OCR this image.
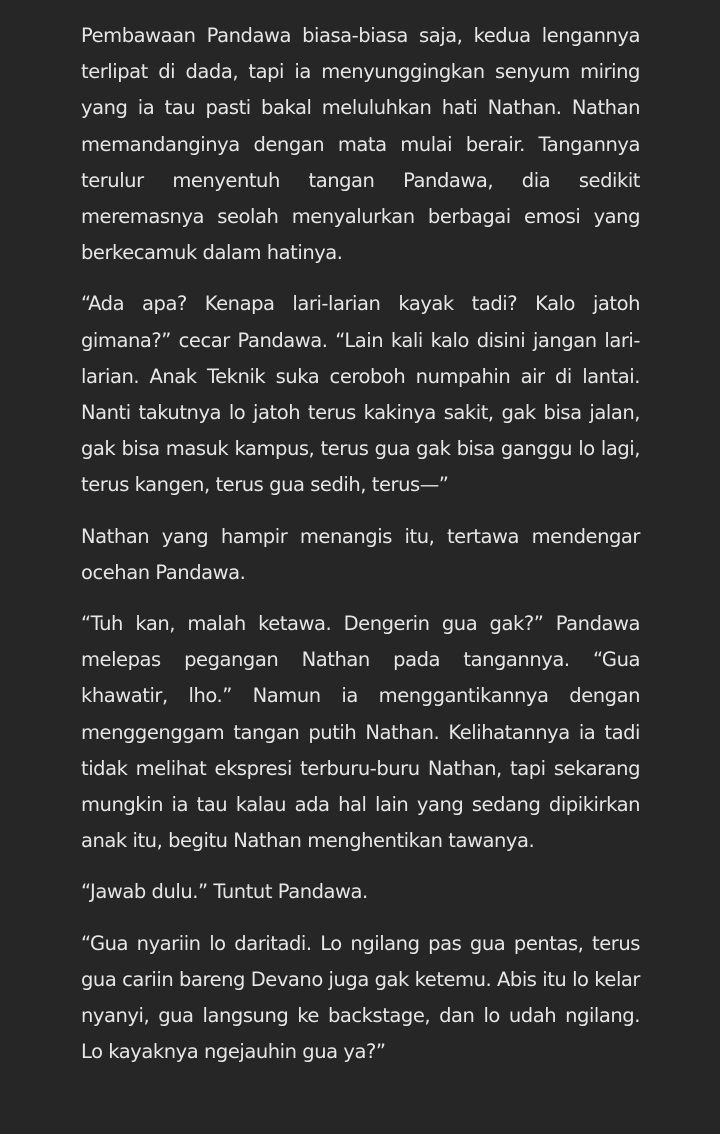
Pembawaan Pandawa biasa-biasa saja, kedua lengannya terlipat di dada, tapi ia menyunggingkan senyum miring yang ia tau pasti bakal meluluhkan hati Nathan. Nathan memandanginya dengan mata mulai berair. Tangannya terulur menyentuh tangan Pandawa, dia sedikit meremasnya seolah menyalurkan berbagai emosi yang berkecamuk dalam hatinya.

“Ada apa? Kenapa lari-larian kayak tadi? Kalo jatoh gimana?” cecar Pandawa. “Lain kali kalo disini jangan lari-larian. Anak Teknik suka ceroboh numpahin air di lantai. Nanti takutnya lo jatoh terus kakinya sakit, gak bisa jalan, gak bisa masuk kampus, terus gua gak bisa ganggu lo lagi, terus kangen, terus gua sedih, terus—”

Nathan yang hampir menangis itu, tertawa mendengar ocehan Pandawa.

“Tuh kan, malah ketawa. Dengerin gua gak?” Pandawa melepas pegangan Nathan pada tangannya. “Gua khawatir, lho.” Namun ia menggantikannya dengan menggenggam tangan putih Nathan. Kelihatannya ia tadi tidak melihat ekspresi terburu-buru Nathan, tapi sekarang mungkin ia tau kalau ada hal lain yang sedang dipikirkan anak itu, begitu Nathan menghentikan tawanya.

“Jawab dulu.” Tuntut Pandawa.

“Gua nyariin lo daritadi. Lo ngilang pas gua pentas, terus gua cariin bareng Devano juga gak ketemu. Abis itu lo kelar nyanyi, gua langsung ke backstage, dan lo udah ngilang. Lo kayaknya ngejauhin gua ya?”
